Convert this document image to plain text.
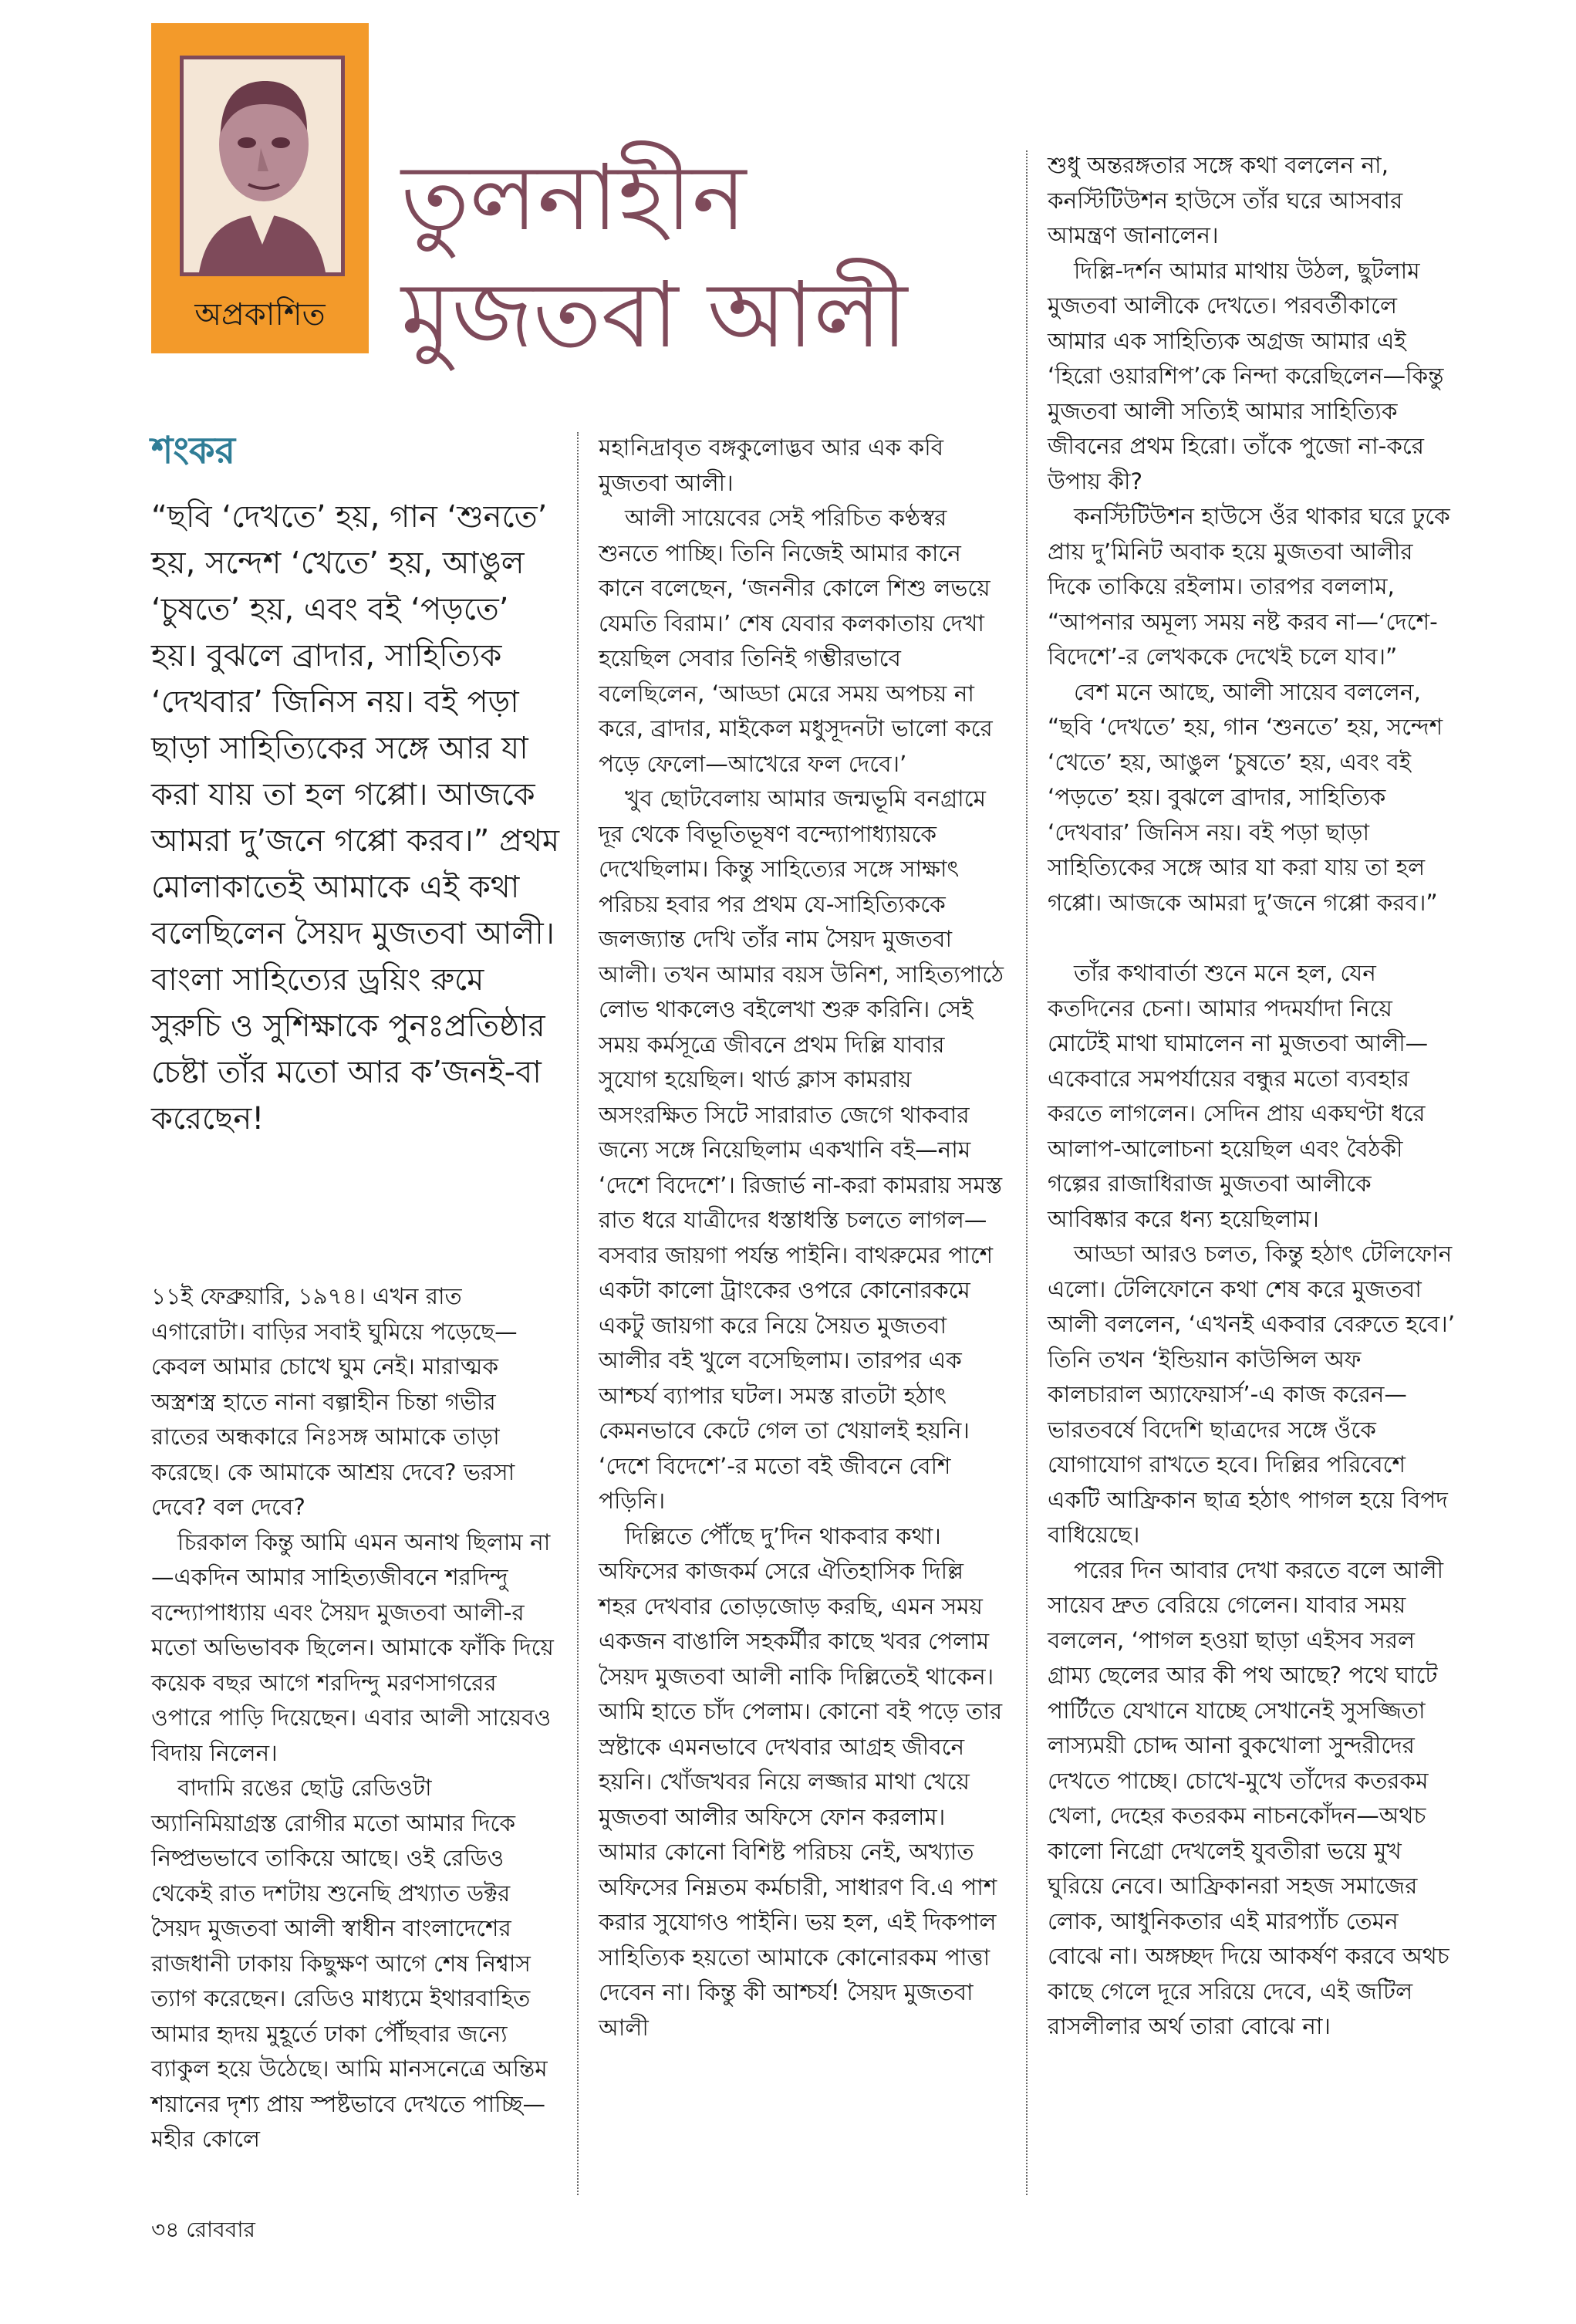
অপ্রকাশিত
তুলনাহীন
মুজতবা আলী
শংকর
“ছবি ‘দেখতে’ হয়, গান ‘শুনতে’ হয়, সন্দেশ ‘খেতে’ হয়, আঙুল ‘চুষতে’ হয়, এবং বই ‘পড়তে’ হয়। বুঝলে ব্রাদার, সাহিত্যিক ‘দেখবার’ জিনিস নয়। বই পড়া ছাড়া সাহিত্যিকের সঙ্গে আর যা করা যায় তা হল গপ্পো। আজকে আমরা দু’জনে গপ্পো করব।” প্রথম মোলাকাতেই আমাকে এই কথা বলেছিলেন সৈয়দ মুজতবা আলী। বাংলা সাহিত্যের ড্রয়িং রুমে সুরুচি ও সুশিক্ষাকে পুনঃপ্রতিষ্ঠার চেষ্টা তাঁর মতো আর ক’জনই-বা করেছেন!

১১ই ফেব্রুয়ারি, ১৯৭৪। এখন রাত এগারোটা। বাড়ির সবাই ঘুমিয়ে পড়েছে—কেবল আমার চোখে ঘুম নেই। মারাত্মক অস্ত্রশস্ত্র হাতে নানা বল্গাহীন চিন্তা গভীর রাতের অন্ধকারে নিঃসঙ্গ আমাকে তাড়া করেছে। কে আমাকে আশ্রয় দেবে? ভরসা দেবে? বল দেবে?

চিরকাল কিন্তু আমি এমন অনাথ ছিলাম না—একদিন আমার সাহিত্যজীবনে শরদিন্দু বন্দ্যোপাধ্যায় এবং সৈয়দ মুজতবা আলী-র মতো অভিভাবক ছিলেন। আমাকে ফাঁকি দিয়ে কয়েক বছর আগে শরদিন্দু মরণসাগরের ওপারে পাড়ি দিয়েছেন। এবার আলী সায়েবও বিদায় নিলেন।

বাদামি রঙের ছোট্ট রেডিওটা অ্যানিমিয়াগ্রস্ত রোগীর মতো আমার দিকে নিষ্প্রভভাবে তাকিয়ে আছে। ওই রেডিও থেকেই রাত দশটায় শুনেছি প্রখ্যাত ডক্টর সৈয়দ মুজতবা আলী স্বাধীন বাংলাদেশের রাজধানী ঢাকায় কিছুক্ষণ আগে শেষ নিশ্বাস ত্যাগ করেছেন। রেডিও মাধ্যমে ইথারবাহিত আমার হৃদয় মুহূর্তে ঢাকা পৌঁছবার জন্যে ব্যাকুল হয়ে উঠেছে। আমি মানসনেত্রে অন্তিম শয়ানের দৃশ্য প্রায় স্পষ্টভাবে দেখতে পাচ্ছি—মহীর কোলে

মহানিদ্রাবৃত বঙ্গকুলোদ্ভব আর এক কবি মুজতবা আলী।

আলী সায়েবের সেই পরিচিত কণ্ঠস্বর শুনতে পাচ্ছি। তিনি নিজেই আমার কানে কানে বলেছেন, ‘জননীর কোলে শিশু লভয়ে যেমতি বিরাম।’ শেষ যেবার কলকাতায় দেখা হয়েছিল সেবার তিনিই গম্ভীরভাবে বলেছিলেন, ‘আড্ডা মেরে সময় অপচয় না করে, ব্রাদার, মাইকেল মধুসূদনটা ভালো করে পড়ে ফেলো—আখেরে ফল দেবে।’

খুব ছোটবেলায় আমার জন্মভূমি বনগ্রামে দূর থেকে বিভূতিভূষণ বন্দ্যোপাধ্যায়কে দেখেছিলাম। কিন্তু সাহিত্যের সঙ্গে সাক্ষাৎ পরিচয় হবার পর প্রথম যে-সাহিত্যিককে জলজ্যান্ত দেখি তাঁর নাম সৈয়দ মুজতবা আলী। তখন আমার বয়স উনিশ, সাহিত্যপাঠে লোভ থাকলেও বইলেখা শুরু করিনি। সেই সময় কর্মসূত্রে জীবনে প্রথম দিল্লি যাবার সুযোগ হয়েছিল। থার্ড ক্লাস কামরায় অসংরক্ষিত সিটে সারারাত জেগে থাকবার জন্যে সঙ্গে নিয়েছিলাম একখানি বই—নাম ‘দেশে বিদেশে’। রিজার্ভ না-করা কামরায় সমস্ত রাত ধরে যাত্রীদের ধস্তাধস্তি চলতে লাগল—বসবার জায়গা পর্যন্ত পাইনি। বাথরুমের পাশে একটা কালো ট্রাংকের ওপরে কোনোরকমে একটু জায়গা করে নিয়ে সৈয়ত মুজতবা আলীর বই খুলে বসেছিলাম। তারপর এক আশ্চর্য ব্যাপার ঘটল। সমস্ত রাতটা হঠাৎ কেমনভাবে কেটে গেল তা খেয়ালই হয়নি। ‘দেশে বিদেশে’-র মতো বই জীবনে বেশি পড়িনি।

দিল্লিতে পৌঁছে দু’দিন থাকবার কথা। অফিসের কাজকর্ম সেরে ঐতিহাসিক দিল্লি শহর দেখবার তোড়জোড় করছি, এমন সময় একজন বাঙালি সহকর্মীর কাছে খবর পেলাম সৈয়দ মুজতবা আলী নাকি দিল্লিতেই থাকেন। আমি হাতে চাঁদ পেলাম। কোনো বই পড়ে তার স্রষ্টাকে এমনভাবে দেখবার আগ্রহ জীবনে হয়নি। খোঁজখবর নিয়ে লজ্জার মাথা খেয়ে মুজতবা আলীর অফিসে ফোন করলাম। আমার কোনো বিশিষ্ট পরিচয় নেই, অখ্যাত অফিসের নিম্নতম কর্মচারী, সাধারণ বি.এ পাশ করার সুযোগও পাইনি। ভয় হল, এই দিকপাল সাহিত্যিক হয়তো আমাকে কোনোরকম পাত্তা দেবেন না। কিন্তু কী আশ্চর্য! সৈয়দ মুজতবা আলী

শুধু অন্তরঙ্গতার সঙ্গে কথা বললেন না, কনস্টিটিউশন হাউসে তাঁর ঘরে আসবার আমন্ত্রণ জানালেন।

দিল্লি-দর্শন আমার মাথায় উঠল, ছুটলাম মুজতবা আলীকে দেখতে। পরবর্তীকালে আমার এক সাহিত্যিক অগ্রজ আমার এই ‘হিরো ওয়ারশিপ’কে নিন্দা করেছিলেন—কিন্তু মুজতবা আলী সত্যিই আমার সাহিত্যিক জীবনের প্রথম হিরো। তাঁকে পুজো না-করে উপায় কী?

কনস্টিটিউশন হাউসে ওঁর থাকার ঘরে ঢুকে প্রায় দু’মিনিট অবাক হয়ে মুজতবা আলীর দিকে তাকিয়ে রইলাম। তারপর বললাম, “আপনার অমূল্য সময় নষ্ট করব না—‘দেশে-বিদেশে’-র লেখককে দেখেই চলে যাব।”

বেশ মনে আছে, আলী সায়েব বললেন, “ছবি ‘দেখতে’ হয়, গান ‘শুনতে’ হয়, সন্দেশ ‘খেতে’ হয়, আঙুল ‘চুষতে’ হয়, এবং বই ‘পড়তে’ হয়। বুঝলে ব্রাদার, সাহিত্যিক ‘দেখবার’ জিনিস নয়। বই পড়া ছাড়া সাহিত্যিকের সঙ্গে আর যা করা যায় তা হল গপ্পো। আজকে আমরা দু’জনে গপ্পো করব।”

তাঁর কথাবার্তা শুনে মনে হল, যেন কতদিনের চেনা। আমার পদমর্যাদা নিয়ে মোটেই মাথা ঘামালেন না মুজতবা আলী—একেবারে সমপর্যায়ের বন্ধুর মতো ব্যবহার করতে লাগলেন। সেদিন প্রায় একঘণ্টা ধরে আলাপ-আলোচনা হয়েছিল এবং বৈঠকী গল্পের রাজাধিরাজ মুজতবা আলীকে আবিষ্কার করে ধন্য হয়েছিলাম।

আড্ডা আরও চলত, কিন্তু হঠাৎ টেলিফোন এলো। টেলিফোনে কথা শেষ করে মুজতবা আলী বললেন, ‘এখনই একবার বেরুতে হবে।’ তিনি তখন ‘ইন্ডিয়ান কাউন্সিল অফ কালচারাল অ্যাফেয়ার্স’-এ কাজ করেন—ভারতবর্ষে বিদেশি ছাত্রদের সঙ্গে ওঁকে যোগাযোগ রাখতে হবে। দিল্লির পরিবেশে একটি আফ্রিকান ছাত্র হঠাৎ পাগল হয়ে বিপদ বাধিয়েছে।

পরের দিন আবার দেখা করতে বলে আলী সায়েব দ্রুত বেরিয়ে গেলেন। যাবার সময় বললেন, ‘পাগল হওয়া ছাড়া এইসব সরল গ্রাম্য ছেলের আর কী পথ আছে? পথে ঘাটে পার্টিতে যেখানে যাচ্ছে সেখানেই সুসজ্জিতা লাস্যময়ী চোদ্দ আনা বুকখোলা সুন্দরীদের দেখতে পাচ্ছে। চোখে-মুখে তাঁদের কতরকম খেলা, দেহের কতরকম নাচনকোঁদন—অথচ কালো নিগ্রো দেখলেই যুবতীরা ভয়ে মুখ ঘুরিয়ে নেবে। আফ্রিকানরা সহজ সমাজের লোক, আধুনিকতার এই মারপ্যাঁচ তেমন বোঝে না। অঙ্গচ্ছদ দিয়ে আকর্ষণ করবে অথচ কাছে গেলে দূরে সরিয়ে দেবে, এই জটিল রাসলীলার অর্থ তারা বোঝে না।

৩৪ রোববার
